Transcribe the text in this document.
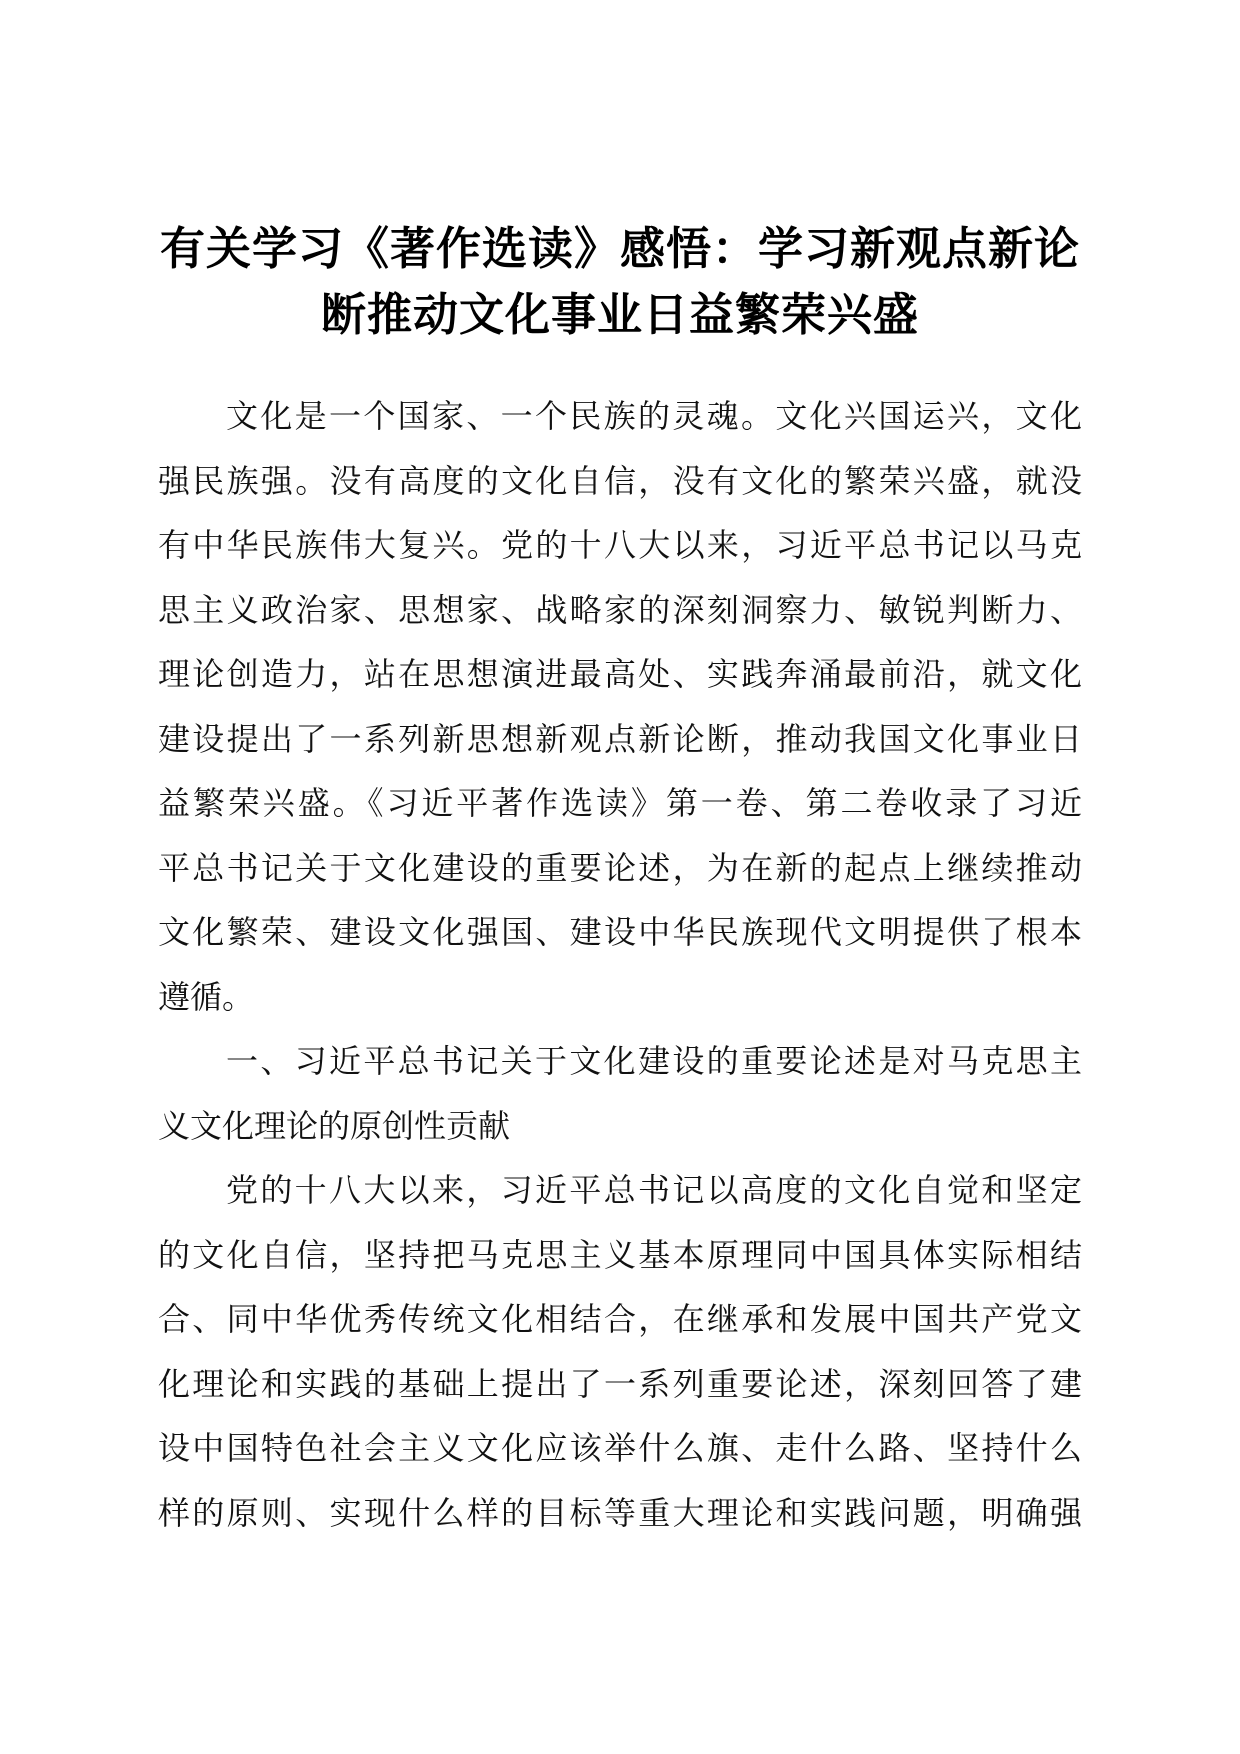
有关学习《著作选读》感悟：学习新观点新论
断推动文化事业日益繁荣兴盛
文化是一个国家、一个民族的灵魂。文化兴国运兴，文化
强民族强。没有高度的文化自信，没有文化的繁荣兴盛，就没
有中华民族伟大复兴。党的十八大以来，习近平总书记以马克
思主义政治家、思想家、战略家的深刻洞察力、敏锐判断力、
理论创造力，站在思想演进最高处、实践奔涌最前沿，就文化
建设提出了一系列新思想新观点新论断，推动我国文化事业日
益繁荣兴盛。《习近平著作选读》第一卷、第二卷收录了习近
平总书记关于文化建设的重要论述，为在新的起点上继续推动
文化繁荣、建设文化强国、建设中华民族现代文明提供了根本
遵循。
一、习近平总书记关于文化建设的重要论述是对马克思主
义文化理论的原创性贡献
党的十八大以来，习近平总书记以高度的文化自觉和坚定
的文化自信，坚持把马克思主义基本原理同中国具体实际相结
合、同中华优秀传统文化相结合，在继承和发展中国共产党文
化理论和实践的基础上提出了一系列重要论述，深刻回答了建
设中国特色社会主义文化应该举什么旗、走什么路、坚持什么
样的原则、实现什么样的目标等重大理论和实践问题，明确强
